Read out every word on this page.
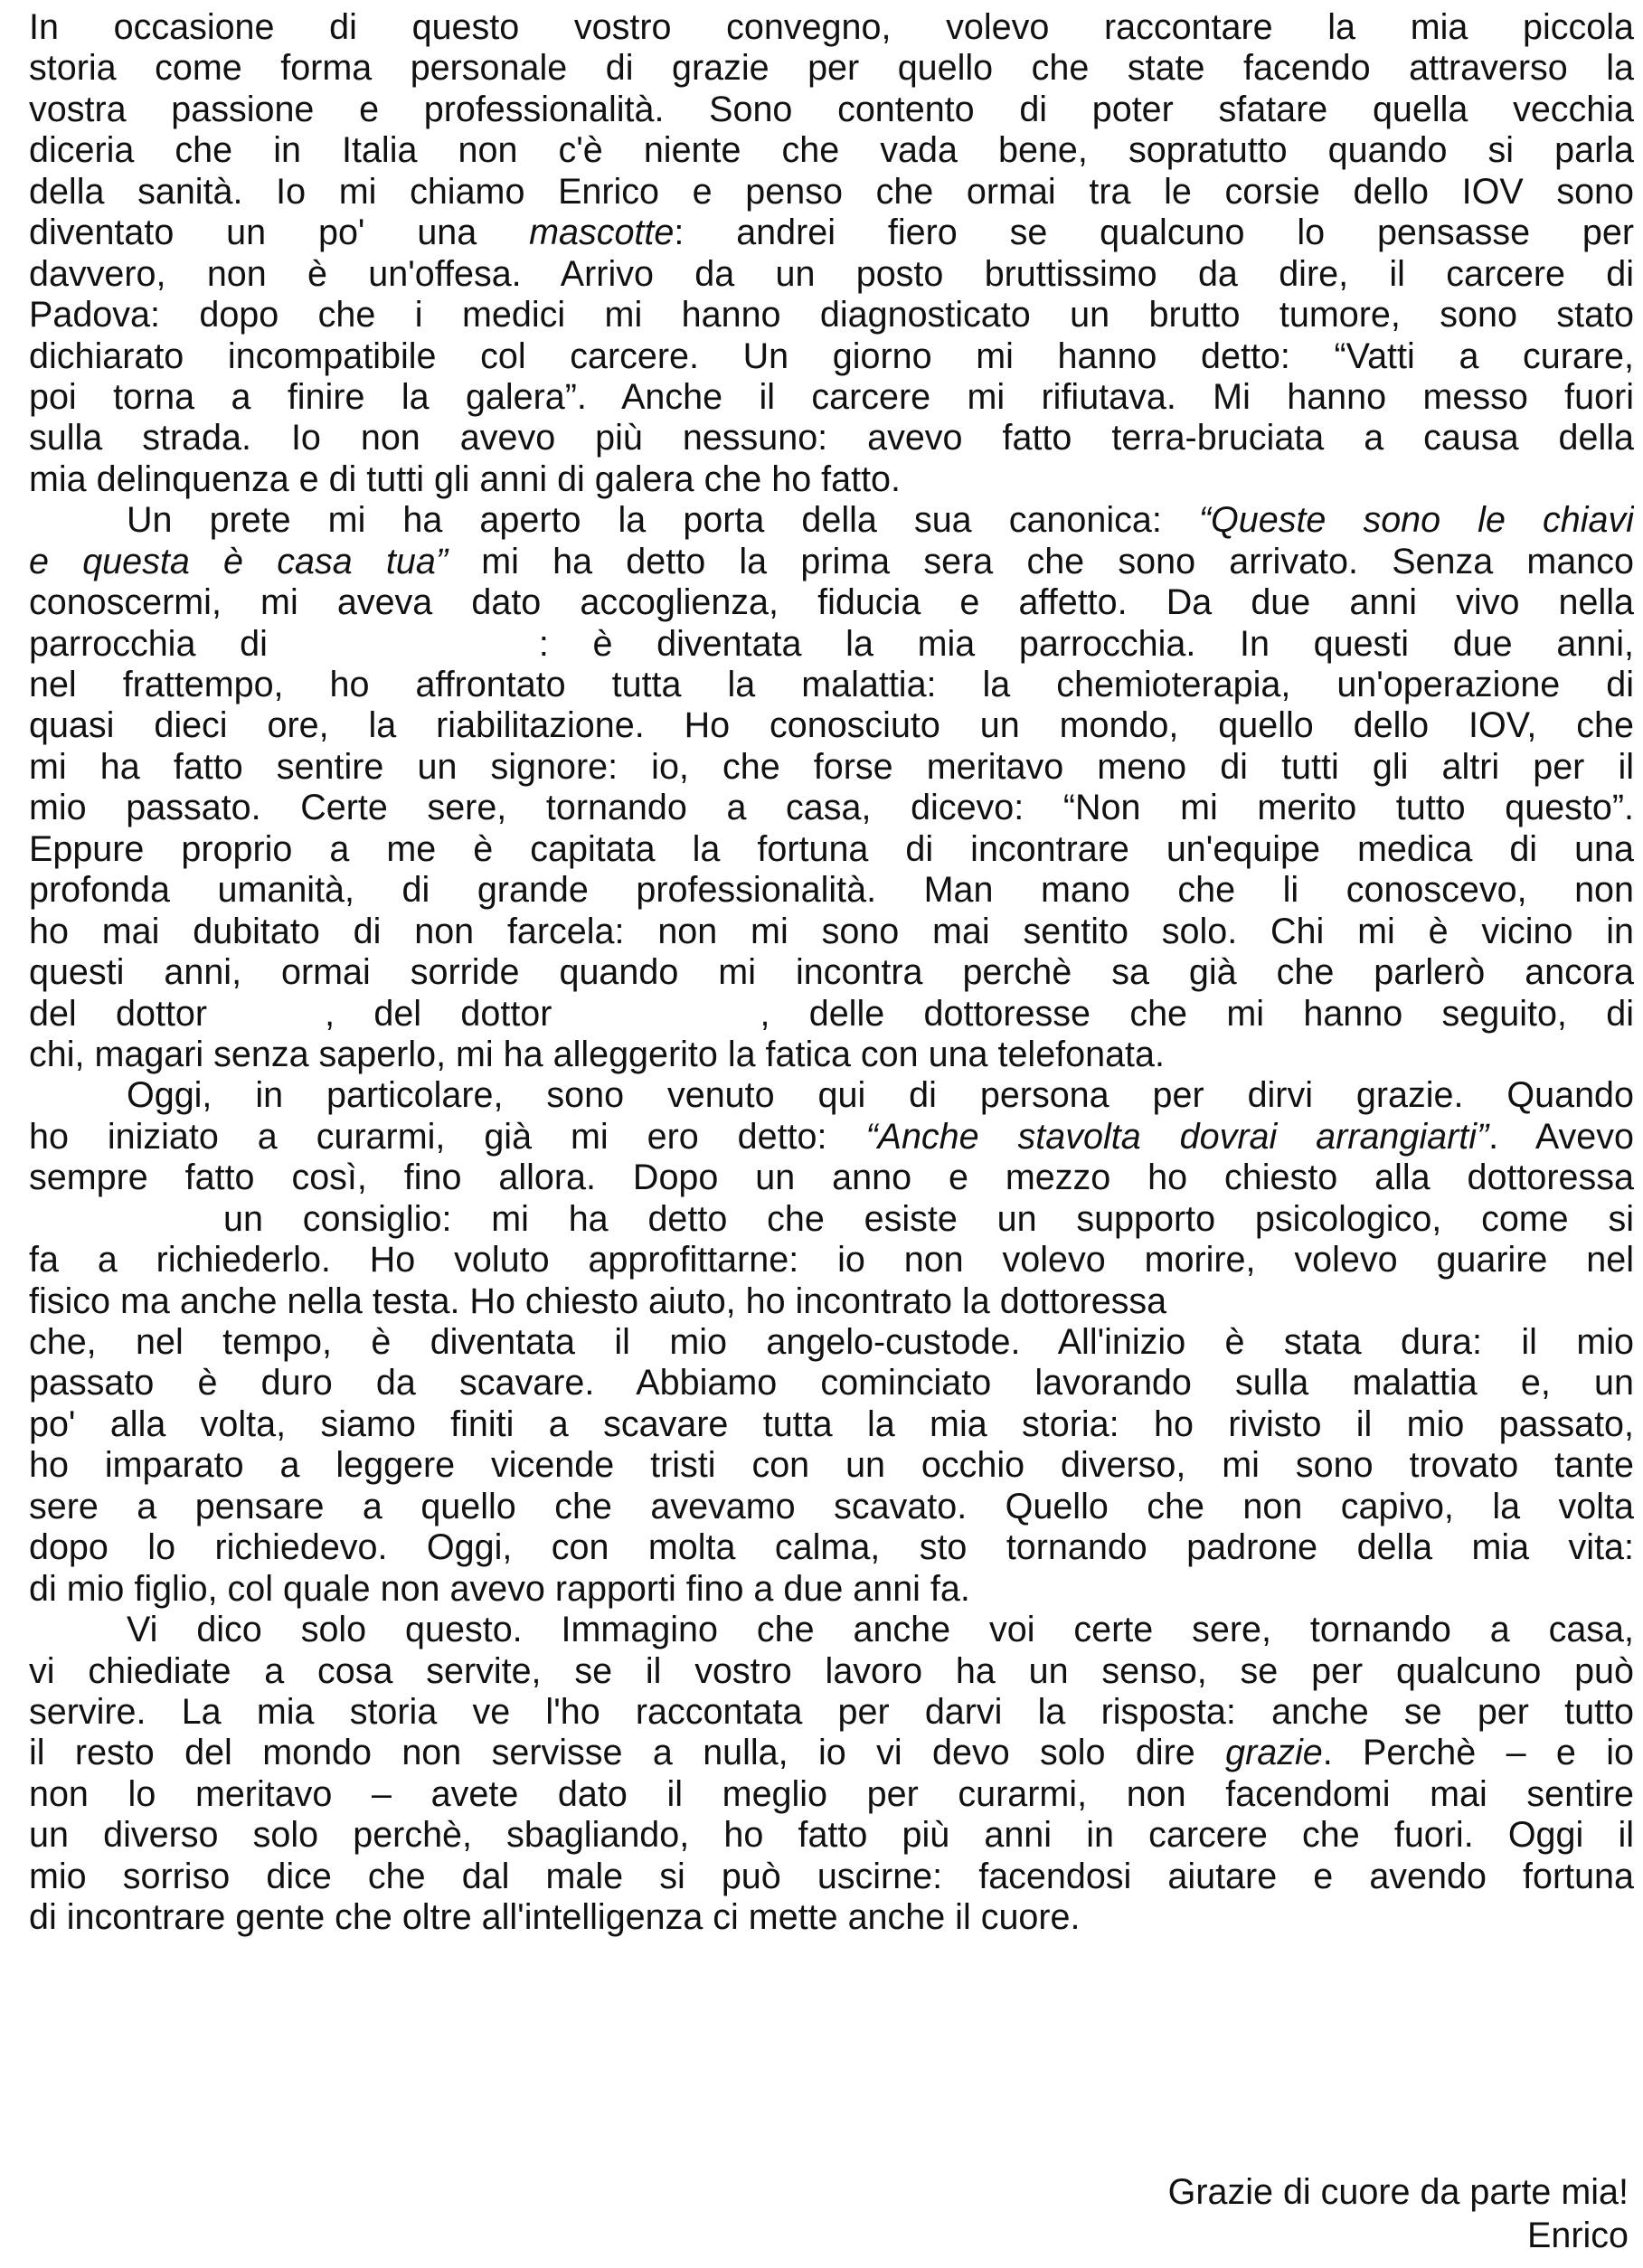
In occasione di questo vostro convegno, volevo raccontare la mia piccola
storia come forma personale di grazie per quello che state facendo attraverso la
vostra passione e professionalità. Sono contento di poter sfatare quella vecchia
diceria che in Italia non c'è niente che vada bene, sopratutto quando si parla
della sanità. Io mi chiamo Enrico e penso che ormai tra le corsie dello IOV sono
diventato un po' una mascotte: andrei fiero se qualcuno lo pensasse per
davvero, non è un'offesa. Arrivo da un posto bruttissimo da dire, il carcere di
Padova: dopo che i medici mi hanno diagnosticato un brutto tumore, sono stato
dichiarato incompatibile col carcere. Un giorno mi hanno detto: “Vatti a curare,
poi torna a finire la galera”. Anche il carcere mi rifiutava. Mi hanno messo fuori
sulla strada. Io non avevo più nessuno: avevo fatto terra-bruciata a causa della
mia delinquenza e di tutti gli anni di galera che ho fatto.
Un prete mi ha aperto la porta della sua canonica: “Queste sono le chiavi
e questa è casa tua” mi ha detto la prima sera che sono arrivato. Senza manco
conoscermi, mi aveva dato accoglienza, fiducia e affetto. Da due anni vivo nella
parrocchia di	: è diventata la mia parrocchia. In questi due anni,
nel frattempo, ho affrontato tutta la malattia: la chemioterapia, un'operazione di
quasi dieci ore, la riabilitazione. Ho conosciuto un mondo, quello dello IOV, che
mi ha fatto sentire un signore: io, che forse meritavo meno di tutti gli altri per il
mio passato. Certe sere, tornando a casa, dicevo: “Non mi merito tutto questo”.
Eppure proprio a me è capitata la fortuna di incontrare un'equipe medica di una
profonda umanità, di grande professionalità. Man mano che li conoscevo, non
ho mai dubitato di non farcela: non mi sono mai sentito solo. Chi mi è vicino in
questi anni, ormai sorride quando mi incontra perchè sa già che parlerò ancora
del dottor	, del dottor	, delle dottoresse che mi hanno seguito, di
chi, magari senza saperlo, mi ha alleggerito la fatica con una telefonata.
Oggi, in particolare, sono venuto qui di persona per dirvi grazie. Quando
ho iniziato a curarmi, già mi ero detto: “Anche stavolta dovrai arrangiarti”. Avevo
sempre fatto così, fino allora. Dopo un anno e mezzo ho chiesto alla dottoressa
un consiglio: mi ha detto che esiste un supporto psicologico, come si
fa a richiederlo. Ho voluto approfittarne: io non volevo morire, volevo guarire nel
fisico ma anche nella testa. Ho chiesto aiuto, ho incontrato la dottoressa
che, nel tempo, è diventata il mio angelo-custode. All'inizio è stata dura: il mio
passato è duro da scavare. Abbiamo cominciato lavorando sulla malattia e, un
po' alla volta, siamo finiti a scavare tutta la mia storia: ho rivisto il mio passato,
ho imparato a leggere vicende tristi con un occhio diverso, mi sono trovato tante
sere a pensare a quello che avevamo scavato. Quello che non capivo, la volta
dopo lo richiedevo. Oggi, con molta calma, sto tornando padrone della mia vita:
di mio figlio, col quale non avevo rapporti fino a due anni fa.
Vi dico solo questo. Immagino che anche voi certe sere, tornando a casa,
vi chiediate a cosa servite, se il vostro lavoro ha un senso, se per qualcuno può
servire. La mia storia ve l'ho raccontata per darvi la risposta: anche se per tutto
il resto del mondo non servisse a nulla, io vi devo solo dire grazie. Perchè – e io
non lo meritavo – avete dato il meglio per curarmi, non facendomi mai sentire
un diverso solo perchè, sbagliando, ho fatto più anni in carcere che fuori. Oggi il
mio sorriso dice che dal male si può uscirne: facendosi aiutare e avendo fortuna
di incontrare gente che oltre all'intelligenza ci mette anche il cuore.
Grazie di cuore da parte mia!
Enrico
